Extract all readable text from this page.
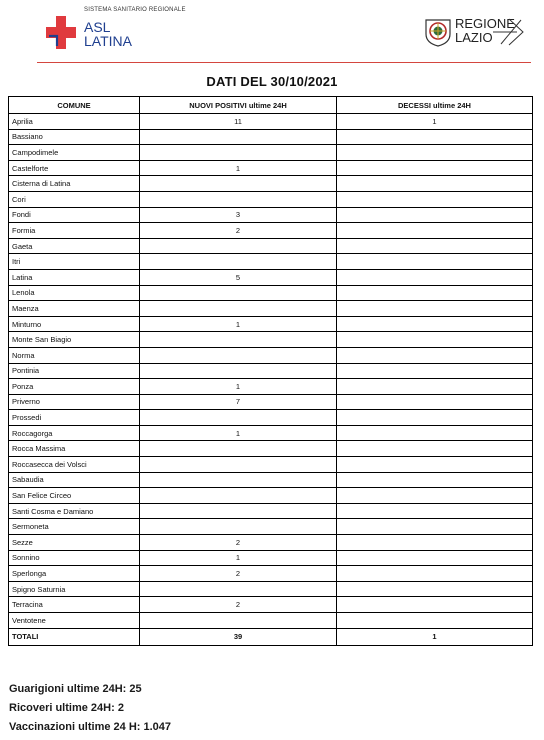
SISTEMA SANITARIO REGIONALE
ASL
LATINA
REGIONE
LAZIO
DATI DEL 30/10/2021
COMUNE	NUOVI POSITIVI ultime 24H	DECESSI ultime 24H
Aprilia	11	1
Bassiano		
Campodimele		
Castelforte	1	
Cisterna di Latina		
Cori		
Fondi	3	
Formia	2	
Gaeta		
Itri		
Latina	5	
Lenola		
Maenza		
Minturno	1	
Monte San Biagio		
Norma		
Pontinia		
Ponza	1	
Priverno	7	
Prossedi		
Roccagorga	1	
Rocca Massima		
Roccasecca dei Volsci		
Sabaudia		
San Felice Circeo		
Santi Cosma e Damiano		
Sermoneta		
Sezze	2	
Sonnino	1	
Sperlonga	2	
Spigno Saturnia		
Terracina	2	
Ventotene		
TOTALI	39	1
Guarigioni ultime 24H: 25
Ricoveri ultime 24H: 2
Vaccinazioni ultime 24 H: 1.047
